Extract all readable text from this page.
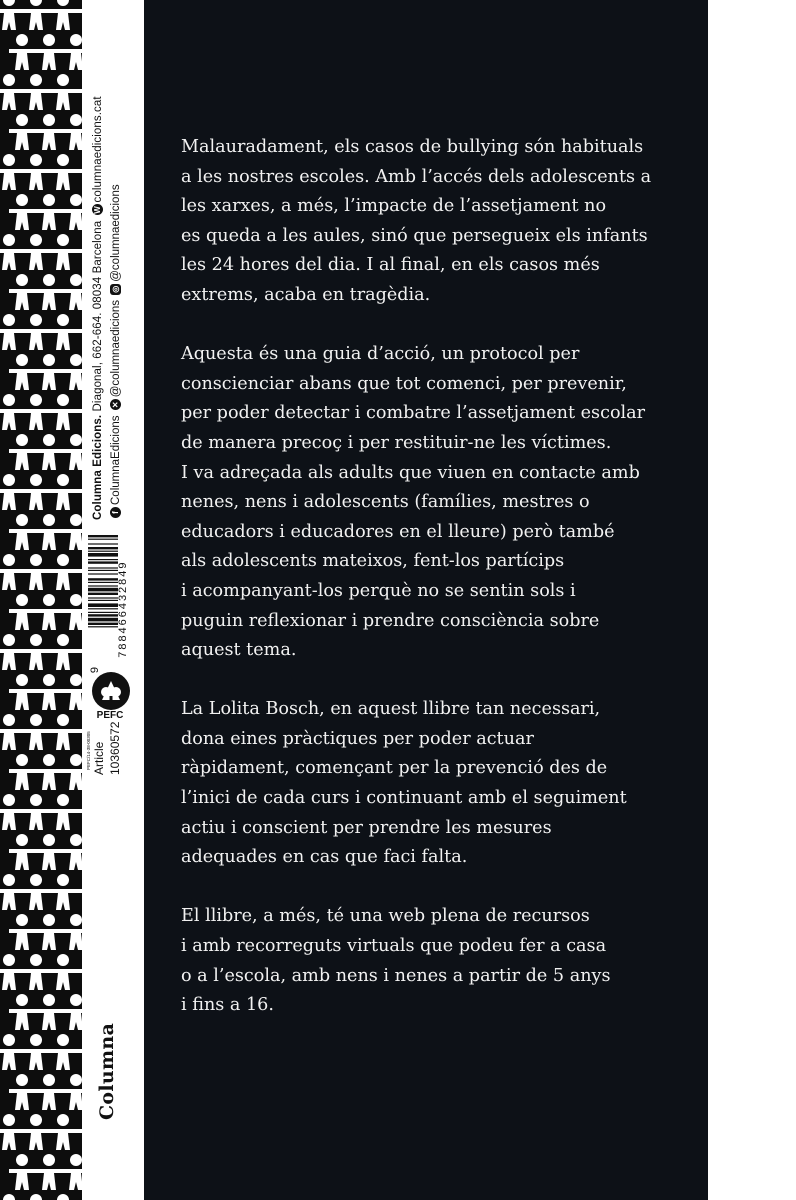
Columna Edicions. Diagonal, 662-664. 08034 Barcelona Wcolumnaedicions.cat
fColumnaEdicions ✕@columnaedicions ◎@columnaedicions
788466432849
9
PEFC
PEFC/14-38-00305 Article 10360572
Columna

Malauradament, els casos de bullying són habituals
a les nostres escoles. Amb l’accés dels adolescents a
les xarxes, a més, l’impacte de l’assetjament no
es queda a les aules, sinó que persegueix els infants
les 24 hores del dia. I al final, en els casos més
extrems, acaba en tragèdia.

Aquesta és una guia d’acció, un protocol per
conscienciar abans que tot comenci, per prevenir,
per poder detectar i combatre l’assetjament escolar
de manera precoç i per restituir-ne les víctimes.
I va adreçada als adults que viuen en contacte amb
nenes, nens i adolescents (famílies, mestres o
educadors i educadores en el lleure) però també
als adolescents mateixos, fent-los partícips
i acompanyant-los perquè no se sentin sols i
puguin reflexionar i prendre consciència sobre
aquest tema.

La Lolita Bosch, en aquest llibre tan necessari,
dona eines pràctiques per poder actuar
ràpidament, començant per la prevenció des de
l’inici de cada curs i continuant amb el seguiment
actiu i conscient per prendre les mesures
adequades en cas que faci falta.

El llibre, a més, té una web plena de recursos
i amb recorreguts virtuals que podeu fer a casa
o a l’escola, amb nens i nenes a partir de 5 anys
i fins a 16.
